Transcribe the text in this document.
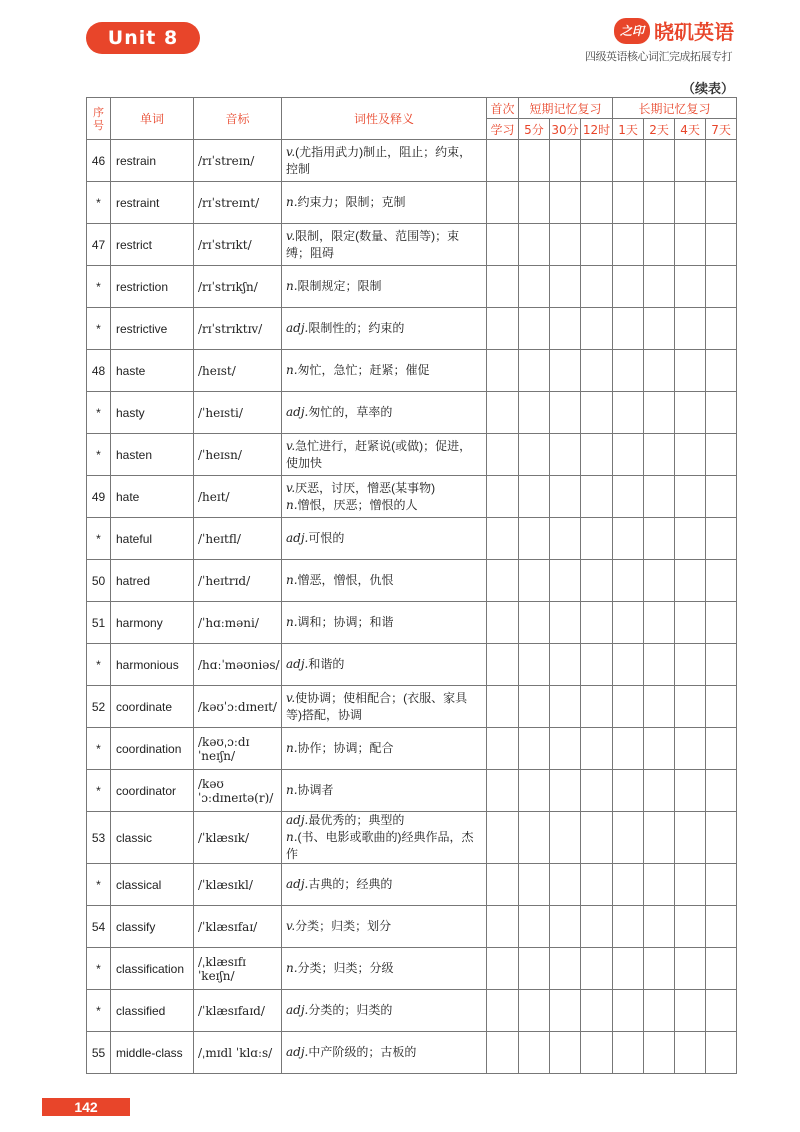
Unit 8	之印 晓矶英语
四级英语核心词汇完成拓展专打
（续表）
序号	单词	音标	词性及释义	首次	短期记忆复习			长期记忆复习			
				学习	5分	30分	12时	1天	2天	4天	7天
46	restrain	/rɪˈstreɪn/	v.(尤指用武力)制止，阻止；约束，控制								

*	restraint	/rɪˈstreɪnt/	n.约束力；限制；克制								

47	restrict	/rɪˈstrɪkt/	v.限制，限定(数量、范围等)；束缚；阻碍								

*	restriction	/rɪˈstrɪkʃn/	n.限制规定；限制								

*	restrictive	/rɪˈstrɪktɪv/	adj.限制性的；约束的								

48	haste	/heɪst/	n.匆忙，急忙；赶紧；催促								

*	hasty	/ˈheɪsti/	adj.匆忙的，草率的								

*	hasten	/ˈheɪsn/	v.急忙进行，赶紧说(或做)；促进，使加快								

49	hate	/heɪt/	v.厌恶，讨厌，憎恶(某事物)
n.憎恨，厌恶；憎恨的人								

*	hateful	/ˈheɪtfl/	adj.可恨的								

50	hatred	/ˈheɪtrɪd/	n.憎恶，憎恨，仇恨								

51	harmony	/ˈhɑːməni/	n.调和；协调；和谐								

*	harmonious	/hɑːˈməʊniəs/	adj.和谐的								

52	coordinate	/kəʊˈɔːdɪneɪt/	v.使协调；使相配合；(衣服、家具等)搭配，协调								

*	coordination	/kəʊˌɔːdɪˈneɪʃn/	n.协作；协调；配合								

*	coordinator	/kəʊˈɔːdɪneɪtə(r)/	n.协调者								

53	classic	/ˈklæsɪk/	adj.最优秀的；典型的
n.(书、电影或歌曲的)经典作品，杰作								

*	classical	/ˈklæsɪkl/	adj.古典的；经典的								

54	classify	/ˈklæsɪfaɪ/	v.分类；归类；划分								

*	classification	/ˌklæsɪfɪˈkeɪʃn/	n.分类；归类；分级								

*	classified	/ˈklæsɪfaɪd/	adj.分类的；归类的								

55	middle-class	/ˌmɪdl ˈklɑːs/	adj.中产阶级的；古板的								

142
